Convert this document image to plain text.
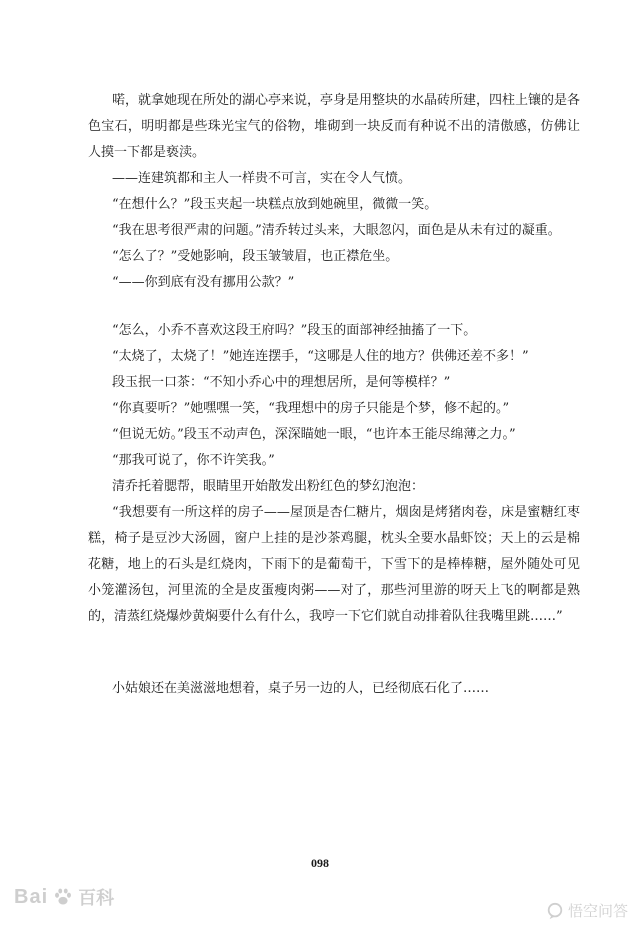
喏，就拿她现在所处的湖心亭来说，亭身是用整块的水晶砖所建，四柱上镶的是各色宝石，明明都是些珠光宝气的俗物，堆砌到一块反而有种说不出的清傲感，仿佛让人摸一下都是亵渎。

——连建筑都和主人一样贵不可言，实在令人气愤。

“在想什么？”段玉夹起一块糕点放到她碗里，微微一笑。

“我在思考很严肃的问题。”清乔转过头来，大眼忽闪，面色是从未有过的凝重。

“怎么了？”受她影响，段玉皱皱眉，也正襟危坐。

“——你到底有没有挪用公款？”

“怎么，小乔不喜欢这段王府吗？”段玉的面部神经抽搐了一下。

“太烧了，太烧了！”她连连摆手，“这哪是人住的地方？供佛还差不多！”

段玉抿一口茶：“不知小乔心中的理想居所，是何等模样？”

“你真要听？”她嘿嘿一笑，“我理想中的房子只能是个梦，修不起的。”

“但说无妨。”段玉不动声色，深深瞄她一眼，“也许本王能尽绵薄之力。”

“那我可说了，你不许笑我。”

清乔托着腮帮，眼睛里开始散发出粉红色的梦幻泡泡：

“我想要有一所这样的房子——屋顶是杏仁糖片，烟囱是烤猪肉卷，床是蜜糖红枣糕，椅子是豆沙大汤圆，窗户上挂的是沙茶鸡腿，枕头全要水晶虾饺；天上的云是棉花糖，地上的石头是红烧肉，下雨下的是葡萄干，下雪下的是棒棒糖，屋外随处可见小笼灌汤包，河里流的全是皮蛋瘦肉粥——对了，那些河里游的呀天上飞的啊都是熟的，清蒸红烧爆炒黄焖要什么有什么，我哼一下它们就自动排着队往我嘴里跳……”

小姑娘还在美滋滋地想着，桌子另一边的人，已经彻底石化了……

098
Bai 百科
悟空问答
